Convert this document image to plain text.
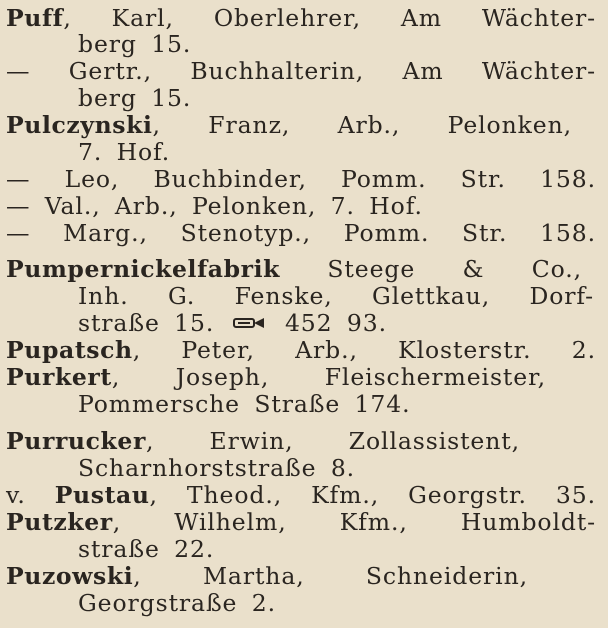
Puff, Karl, Oberlehrer, Am Wächter-
berg 15.
— Gertr., Buchhalterin, Am Wächter-
berg 15.
Pulczynski, Franz, Arb., Pelonken,
7. Hof.
— Leo, Buchbinder, Pomm. Str. 158.
— Val., Arb., Pelonken, 7. Hof.
— Marg., Stenotyp., Pomm. Str. 158.
Pumpernickelfabrik Steege & Co.,
Inh. G. Fenske, Glettkau, Dorf-
straße 15.	452 93.
Pupatsch, Peter, Arb., Klosterstr. 2.
Purkert, Joseph, Fleischermeister,
Pommersche Straße 174.
Purrucker, Erwin, Zollassistent,
Scharnhorststraße 8.
v. Pustau, Theod., Kfm., Georgstr. 35.
Putzker, Wilhelm, Kfm., Humboldt-
straße 22.
Puzowski, Martha, Schneiderin,
Georgstraße 2.
